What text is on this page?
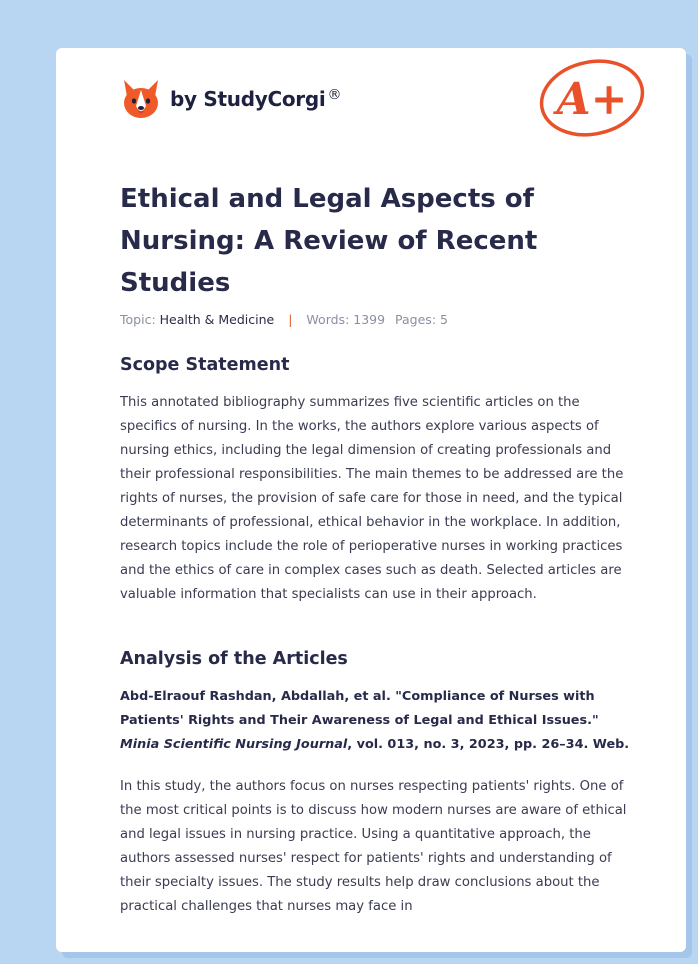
by StudyCorgi ®	A+
Ethical and Legal Aspects of Nursing: A Review of Recent Studies
Topic: Health & Medicine | Words: 1399 Pages: 5
Scope Statement

This annotated bibliography summarizes five scientific articles on the specifics of nursing. In the works, the authors explore various aspects of nursing ethics, including the legal dimension of creating professionals and their professional responsibilities. The main themes to be addressed are the rights of nurses, the provision of safe care for those in need, and the typical determinants of professional, ethical behavior in the workplace. In addition, research topics include the role of perioperative nurses in working practices and the ethics of care in complex cases such as death. Selected articles are valuable information that specialists can use in their approach.

Analysis of the Articles

Abd-Elraouf Rashdan, Abdallah, et al. "Compliance of Nurses with Patients' Rights and Their Awareness of Legal and Ethical Issues." Minia Scientific Nursing Journal, vol. 013, no. 3, 2023, pp. 26–34. Web.

In this study, the authors focus on nurses respecting patients' rights. One of the most critical points is to discuss how modern nurses are aware of ethical and legal issues in nursing practice. Using a quantitative approach, the authors assessed nurses' respect for patients' rights and understanding of their specialty issues. The study results help draw conclusions about the practical challenges that nurses may face in
